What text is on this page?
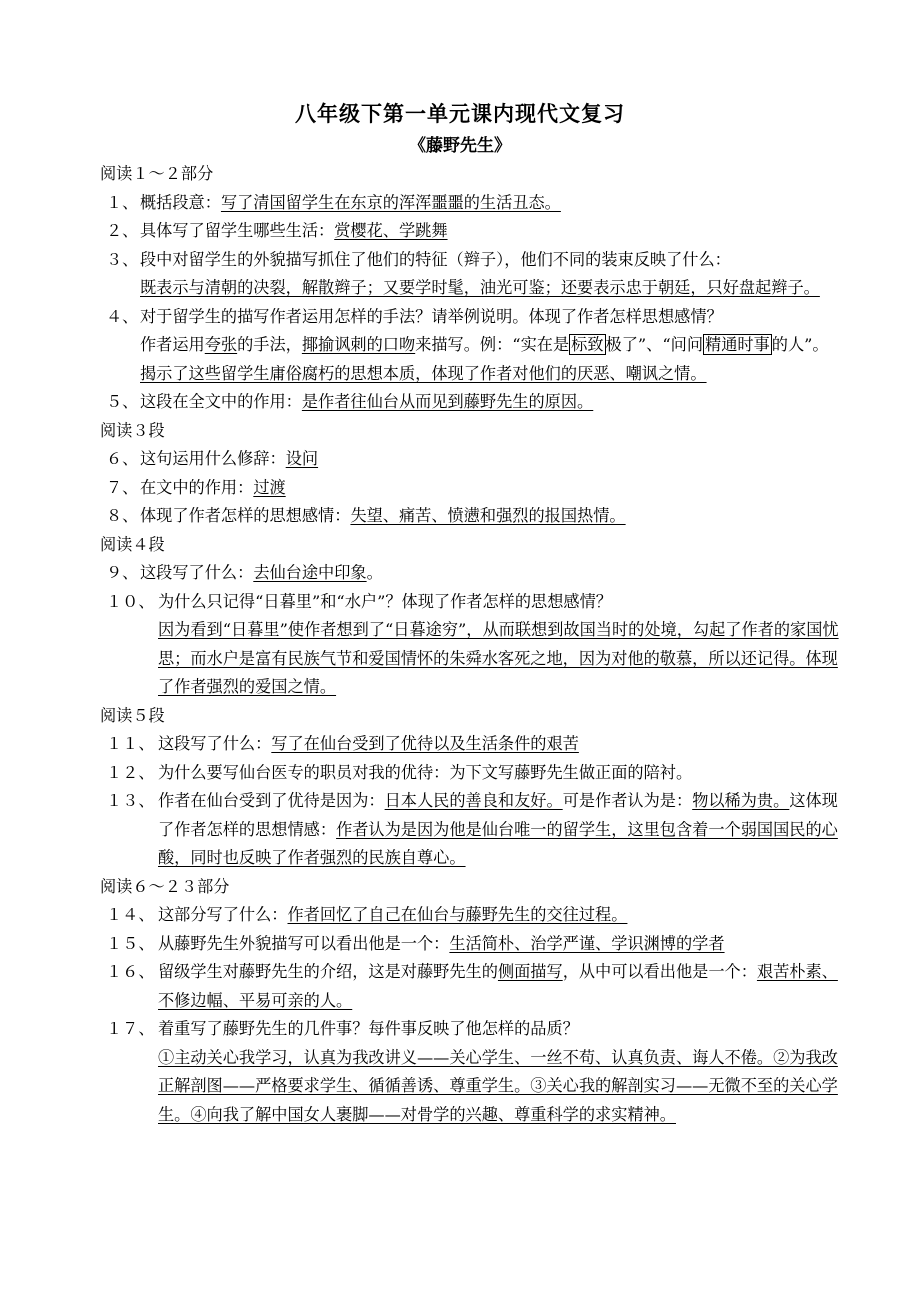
八年级下第一单元课内现代文复习
《藤野先生》

阅读１～２部分

１、 概括段意：写了清国留学生在东京的浑浑噩噩的生活丑态。

２、 具体写了留学生哪些生活：赏樱花、学跳舞

３、 段中对留学生的外貌描写抓住了他们的特征（辫子），他们不同的装束反映了什么：
既表示与清朝的决裂，解散辫子；又要学时髦，油光可鉴；还要表示忠于朝廷，只好盘起辫子。

４、 对于留学生的描写作者运用怎样的手法？请举例说明。体现了作者怎样思想感情？
作者运用夸张的手法，揶揄讽刺的口吻来描写。例：“实在是 标致 极了”、“问问 精通时事 的人”。揭示了这些留学生庸俗腐朽的思想本质，体现了作者对他们的厌恶、嘲讽之情。

５、 这段在全文中的作用：是作者往仙台从而见到藤野先生的原因。

阅读３段

６、 这句运用什么修辞：设问

７、 在文中的作用：过渡

８、 体现了作者怎样的思想感情：失望、痛苦、愤懑和强烈的报国热情。

阅读４段

９、 这段写了什么：去仙台途中印象。

１０、 为什么只记得“日暮里”和“水户”？体现了作者怎样的思想感情？
因为看到“日暮里”使作者想到了“日暮途穷”，从而联想到故国当时的处境，勾起了作者的家国忧思；而水户是富有民族气节和爱国情怀的朱舜水客死之地，因为对他的敬慕，所以还记得。体现了作者强烈的爱国之情。

阅读５段

１１、 这段写了什么：写了在仙台受到了优待以及生活条件的艰苦

１２、 为什么要写仙台医专的职员对我的优待：为下文写藤野先生做正面的陪衬。

１３、 作者在仙台受到了优待是因为：日本人民的善良和友好。可是作者认为是：物以稀为贵。这体现了作者怎样的思想情感：作者认为是因为他是仙台唯一的留学生，这里包含着一个弱国国民的心酸，同时也反映了作者强烈的民族自尊心。

阅读６～２３部分

１４、 这部分写了什么：作者回忆了自己在仙台与藤野先生的交往过程。

１５、 从藤野先生外貌描写可以看出他是一个：生活简朴、治学严谨、学识渊博的学者

１６、 留级学生对藤野先生的介绍，这是对藤野先生的侧面描写，从中可以看出他是一个：艰苦朴素、不修边幅、平易可亲的人。

１７、 着重写了藤野先生的几件事？每件事反映了他怎样的品质？
①主动关心我学习，认真为我改讲义——关心学生、一丝不苟、认真负责、诲人不倦。②为我改正解剖图——严格要求学生、循循善诱、尊重学生。③关心我的解剖实习——无微不至的关心学生。④向我了解中国女人裹脚——对骨学的兴趣、尊重科学的求实精神。
